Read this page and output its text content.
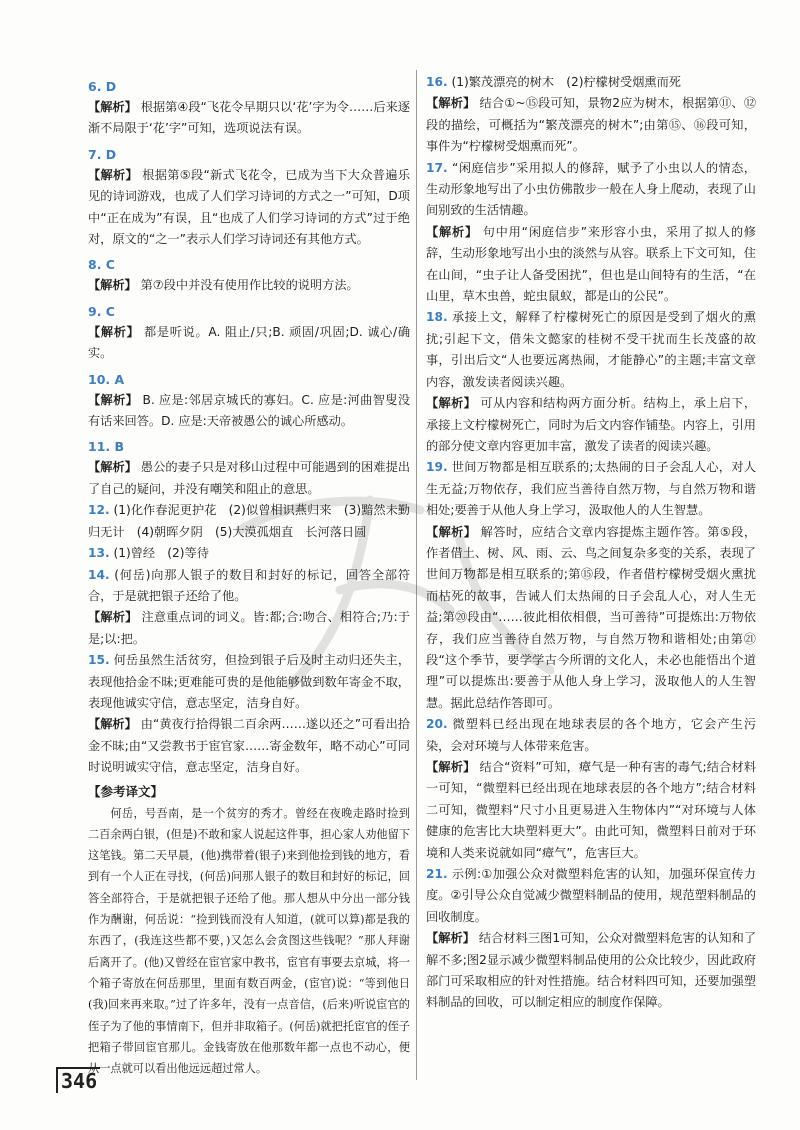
6. D

【解析】 根据第④段“飞花令早期只以‘花’字为令……后来逐渐不局限于‘花’字”可知，选项说法有误。

7. D

【解析】 根据第⑤段“新式飞花令，已成为当下大众普遍乐见的诗词游戏，也成了人们学习诗词的方式之一”可知，D项中“正在成为”有误，且“也成了人们学习诗词的方式”过于绝对，原文的“之一”表示人们学习诗词还有其他方式。

8. C

【解析】 第⑦段中并没有使用作比较的说明方法。

9. C

【解析】 都是听说。A. 阻止/只;B. 顽固/巩固;D. 诚心/确实。

10. A

【解析】 B. 应是:邻居京城氏的寡妇。C. 应是:河曲智叟没有话来回答。D. 应是:天帝被愚公的诚心所感动。

11. B

【解析】 愚公的妻子只是对移山过程中可能遇到的困难提出了自己的疑问，并没有嘲笑和阻止的意思。

12. (1)化作春泥更护花　(2)似曾相识燕归来　(3)黯然未勤归无计　(4)朝晖夕阴　(5)大漠孤烟直　长河落日圆

13. (1)曾经　(2)等待

14. (何岳)向那人银子的数目和封好的标记，回答全部符合，于是就把银子还给了他。

【解析】 注意重点词的词义。皆:都;合:吻合、相符合;乃:于是;以:把。

15. 何岳虽然生活贫穷，但捡到银子后及时主动归还失主，表现他拾金不昧;更难能可贵的是他能够做到数年寄金不取，表现他诚实守信，意志坚定，洁身自好。

【解析】 由“黄夜行拾得银二百余两……遂以还之”可看出拾金不昧;由“又尝教书于宦官家……寄金数年，略不动心”可同时说明诚实守信，意志坚定，洁身自好。

【参考译文】

何岳，号吾南，是一个贫穷的秀才。曾经在夜晚走路时捡到二百余两白银，(但是)不敢和家人说起这件事，担心家人劝他留下这笔钱。第二天早晨，(他)携带着(银子)来到他捡到钱的地方，看到有一个人正在寻找，(何岳)问那人银子的数目和封好的标记，回答全部符合，于是就把银子还给了他。那人想从中分出一部分钱作为酬谢，何岳说：“捡到钱而没有人知道，(就可以算)都是我的东西了，(我连这些都不要，)又怎么会贪图这些钱呢？”那人拜谢后离开了。(他)又曾经在宦官家中教书，宦官有事要去京城，将一个箱子寄放在何岳那里，里面有数百两金，(宦官)说：“等到他日(我)回来再来取。”过了许多年，没有一点音信，(后来)听说宦官的侄子为了他的事情南下，但并非取箱子。(何岳)就把托宦官的侄子把箱子带回宦官那儿。金钱寄放在他那数年都一点也不动心，便从一点就可以看出他远远超过常人。

16. (1)繁茂漂亮的树木　(2)柠檬树受烟熏而死

【解析】 结合①~⑮段可知，景物2应为树木，根据第⑪、⑫段的描绘，可概括为“繁茂漂亮的树木”;由第⑮、⑯段可知，事件为“柠檬树受烟熏而死”。

17. “闲庭信步”采用拟人的修辞，赋予了小虫以人的情态，生动形象地写出了小虫仿佛散步一般在人身上爬动，表现了山间别致的生活情趣。

【解析】 句中用“闲庭信步”来形容小虫，采用了拟人的修辞，生动形象地写出小虫的淡然与从容。联系上下文可知，住在山间，“虫子让人备受困扰”，但也是山间特有的生活，“在山里，草木虫兽，蛇虫鼠蚁，都是山的公民”。

18. 承接上文，解释了柠檬树死亡的原因是受到了烟火的熏扰;引起下文，借朱文懿家的桂树不受干扰而生长茂盛的故事，引出后文“人也要远离热闹，才能静心”的主题;丰富文章内容，激发读者阅读兴趣。

【解析】 可从内容和结构两方面分析。结构上，承上启下，承接上文柠檬树死亡，同时为后文内容作铺垫。内容上，引用的部分使文章内容更加丰富，激发了读者的阅读兴趣。

19. 世间万物都是相互联系的;太热闹的日子会乱人心，对人生无益;万物依存，我们应当善待自然万物，与自然万物和谐相处;要善于从他人身上学习，汲取他人的人生智慧。

【解析】 解答时，应结合文章内容提炼主题作答。第⑤段，作者借土、树、风、雨、云、鸟之间复杂多变的关系，表现了世间万物都是相互联系的;第⑮段，作者借柠檬树受烟火熏扰而枯死的故事，告诫人们太热闹的日子会乱人心，对人生无益;第⑳段由“……彼此相依相偎，当可善待”可提炼出:万物依存，我们应当善待自然万物，与自然万物和谐相处;由第㉑段“这个季节，要学学古今所谓的文化人，未必也能悟出个道理”可以提炼出:要善于从他人身上学习，汲取他人的人生智慧。据此总结作答即可。

20. 微塑料已经出现在地球表层的各个地方，它会产生污染，会对环境与人体带来危害。

【解析】 结合“资料”可知，瘴气是一种有害的毒气;结合材料一可知，“微塑料已经出现在地球表层的各个地方”;结合材料二可知，微塑料“尺寸小且更易进入生物体内”“对环境与人体健康的危害比大块塑料更大”。由此可知，微塑料日前对于环境和人类来说就如同“瘴气”，危害巨大。

21. 示例:①加强公众对微塑料危害的认知，加强环保宣传力度。②引导公众自觉减少微塑料制品的使用，规范塑料制品的回收制度。

【解析】 结合材料三图1可知，公众对微塑料危害的认知和了解不多;图2显示减少微塑料制品使用的公众比较少，因此政府部门可采取相应的针对性措施。结合材料四可知，还要加强塑料制品的回收，可以制定相应的制度作保障。

346
